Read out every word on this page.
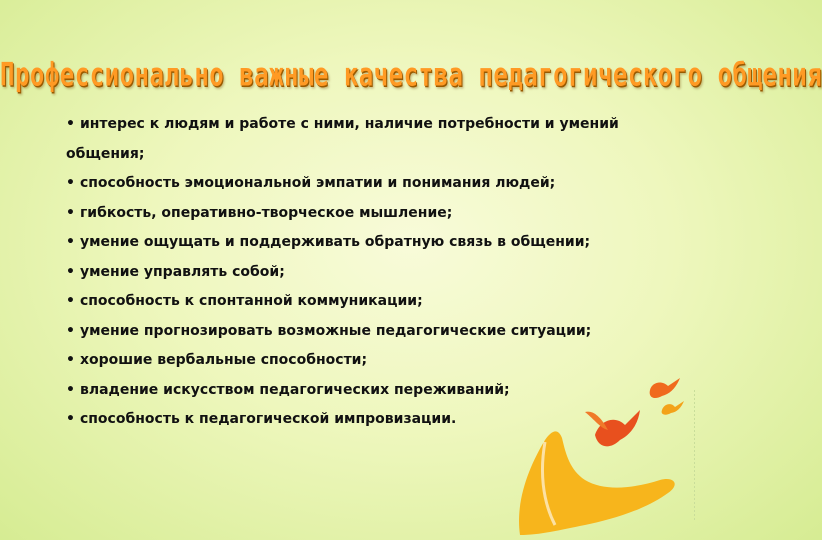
Профессионально важные качества педагогического общения
• интерес к людям и работе с ними, наличие потребности и умений общения;
• способность эмоциональной эмпатии и понимания людей;
• гибкость, оперативно-творческое мышление;
• умение ощущать и поддерживать обратную связь в общении;
• умение управлять собой;
• способность к спонтанной коммуникации;
• умение прогнозировать возможные педагогические ситуации;
• хорошие вербальные способности;
• владение искусством педагогических переживаний;
• способность к педагогической импровизации.
